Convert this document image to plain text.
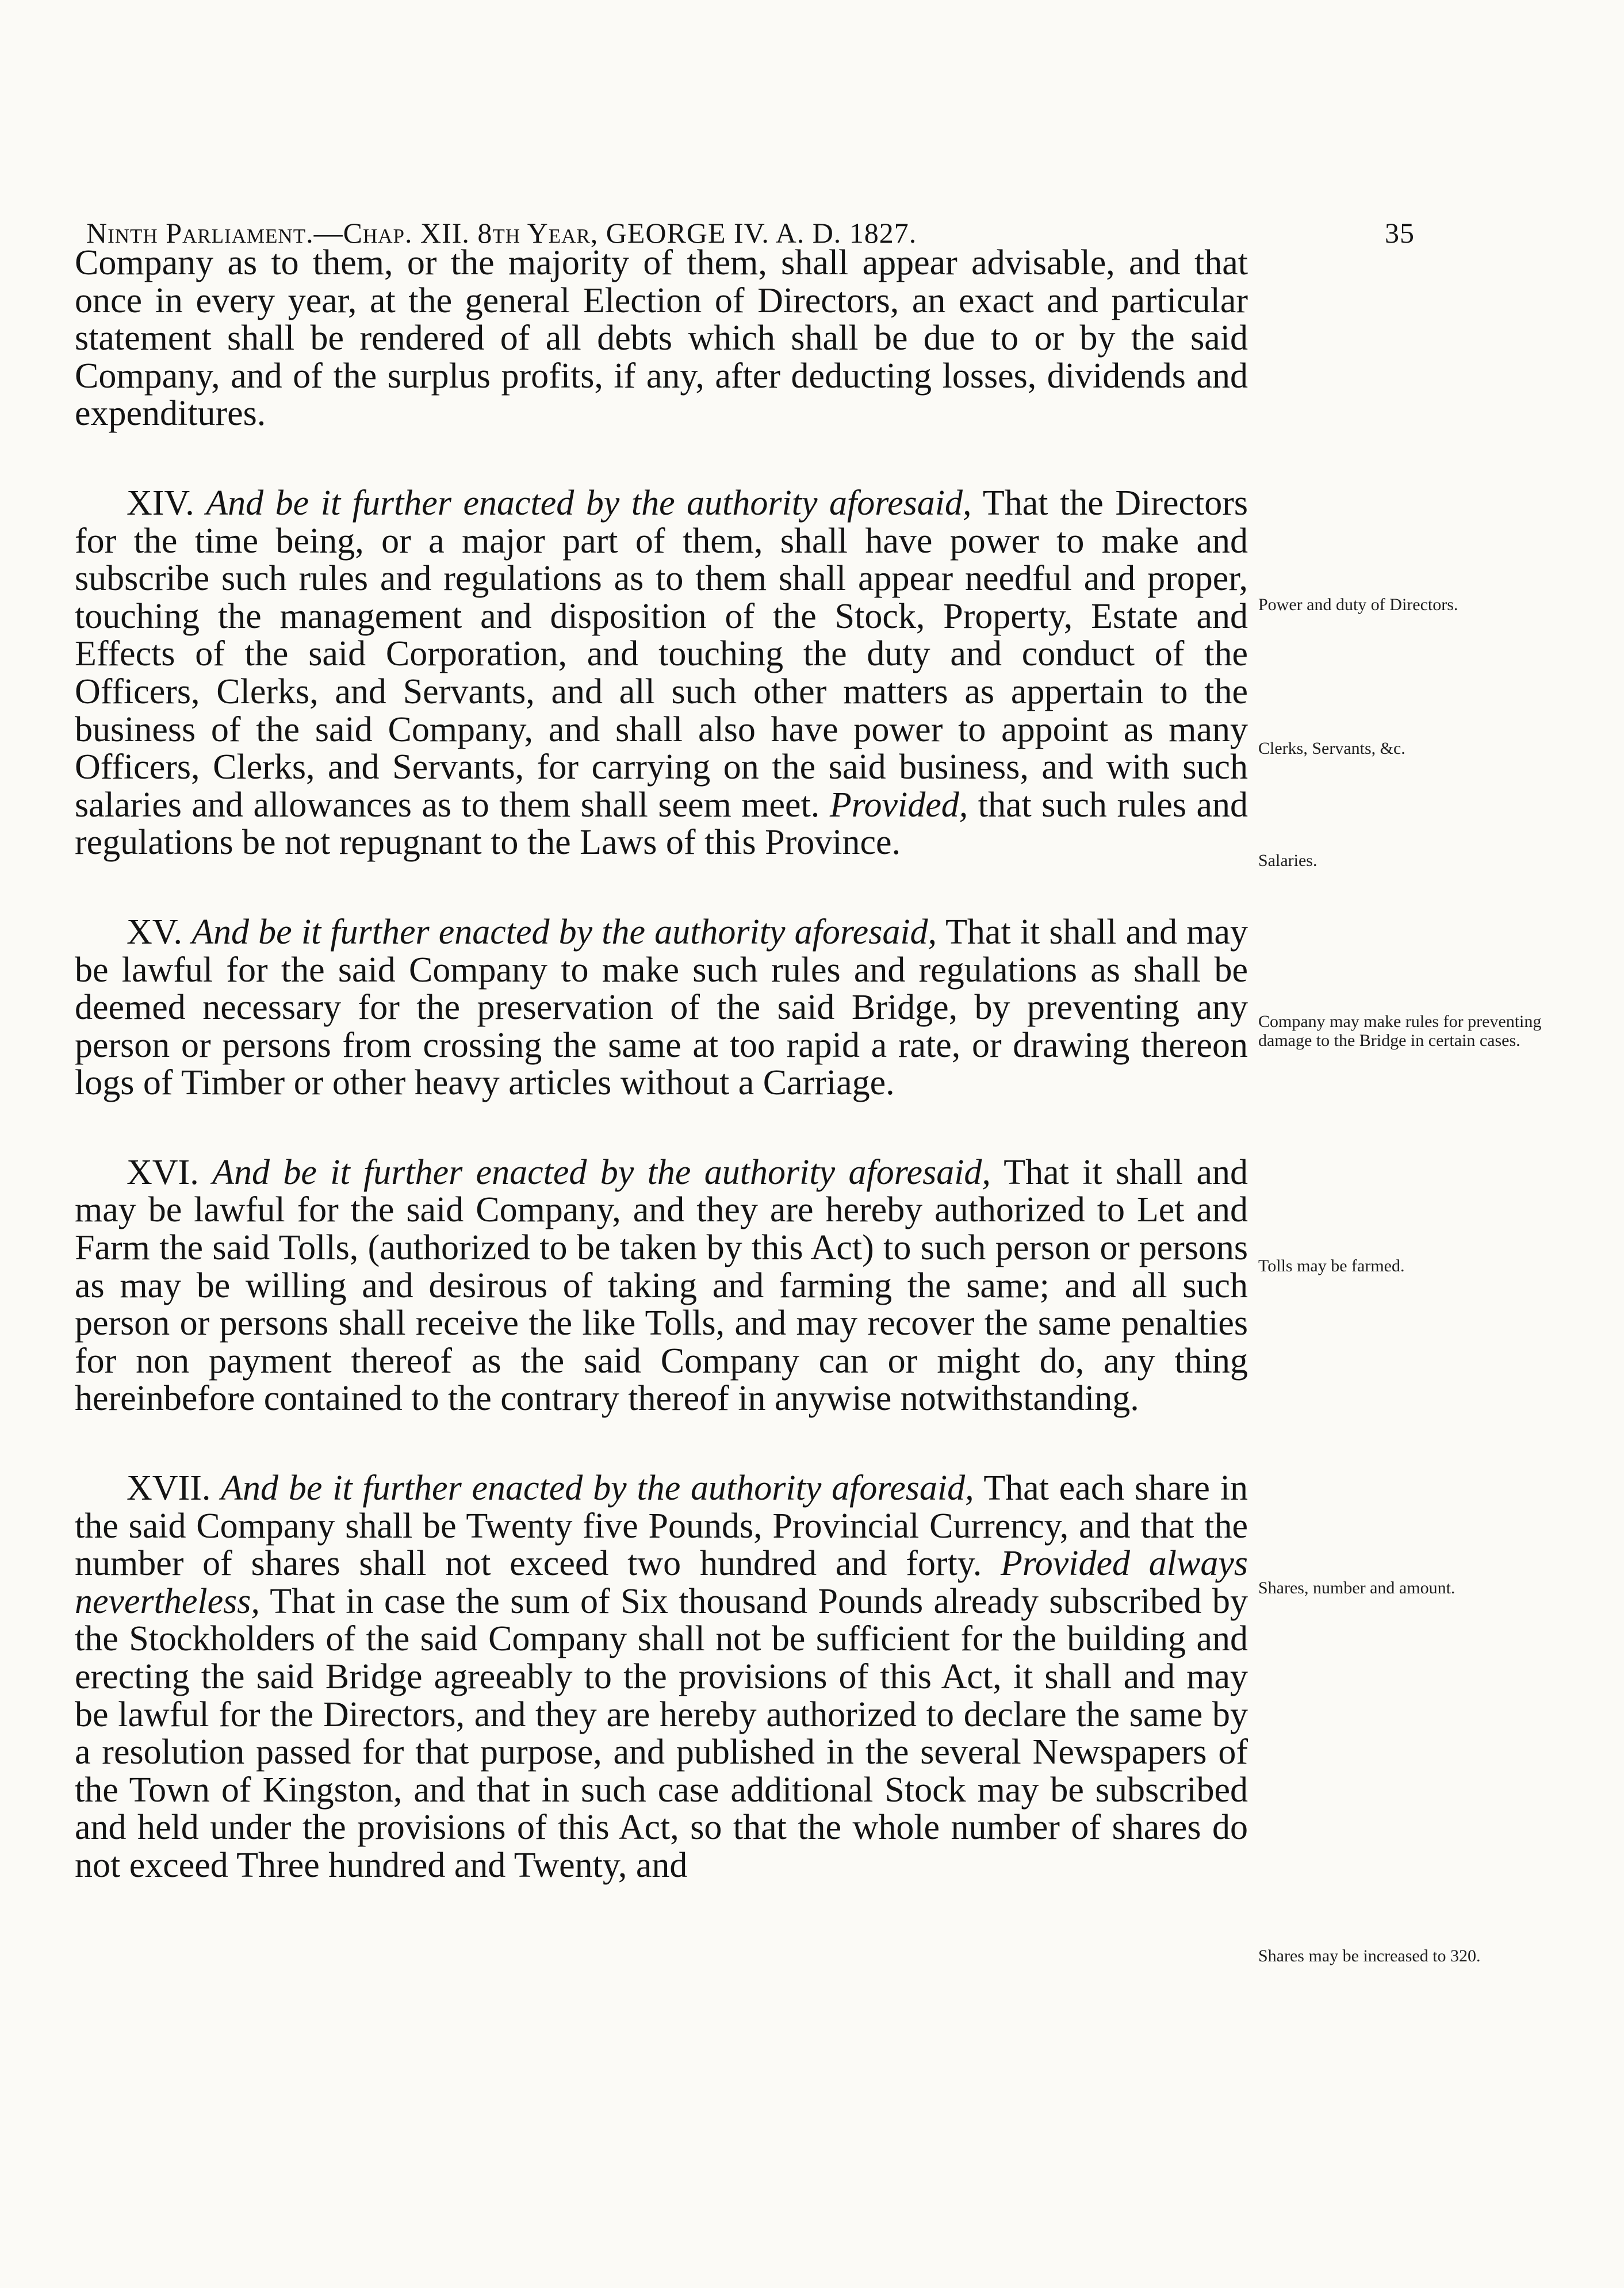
Ninth Parliament.—Chap. XII. 8th Year, GEORGE IV. A. D. 1827.	35

Company as to them, or the majority of them, shall appear advisable, and that once in every year, at the general Election of Directors, an exact and particular statement shall be rendered of all debts which shall be due to or by the said Company, and of the surplus profits, if any, after deducting losses, dividends and expenditures.

XIV. And be it further enacted by the authority aforesaid, That the Directors for the time being, or a major part of them, shall have power to make and subscribe such rules and regulations as to them shall appear needful and proper, touching the management and disposition of the Stock, Property, Estate and Effects of the said Corporation, and touching the duty and conduct of the Officers, Clerks, and Servants, and all such other matters as appertain to the business of the said Company, and shall also have power to appoint as many Officers, Clerks, and Servants, for carrying on the said business, and with such salaries and allowances as to them shall seem meet. Provided, that such rules and regulations be not repugnant to the Laws of this Province.

XV. And be it further enacted by the authority aforesaid, That it shall and may be lawful for the said Company to make such rules and regulations as shall be deemed necessary for the preservation of the said Bridge, by preventing any person or persons from crossing the same at too rapid a rate, or drawing thereon logs of Timber or other heavy articles without a Carriage.

XVI. And be it further enacted by the authority aforesaid, That it shall and may be lawful for the said Company, and they are hereby authorized to Let and Farm the said Tolls, (authorized to be taken by this Act) to such person or persons as may be willing and desirous of taking and farming the same; and all such person or persons shall receive the like Tolls, and may recover the same penalties for non payment thereof as the said Company can or might do, any thing hereinbefore contained to the contrary thereof in anywise notwithstanding.

XVII. And be it further enacted by the authority aforesaid, That each share in the said Company shall be Twenty five Pounds, Provincial Currency, and that the number of shares shall not exceed two hundred and forty. Provided always nevertheless, That in case the sum of Six thousand Pounds already subscribed by the Stockholders of the said Company shall not be sufficient for the building and erecting the said Bridge agreeably to the provisions of this Act, it shall and may be lawful for the Directors, and they are hereby authorized to declare the same by a resolution passed for that purpose, and published in the several Newspapers of the Town of Kingston, and that in such case additional Stock may be subscribed and held under the provisions of this Act, so that the whole number of shares do not exceed Three hundred and Twenty, and

Power and duty of Directors.
Clerks, Servants, &c.
Salaries.
Company may make rules for preventing damage to the Bridge in certain cases.
Tolls may be farmed.
Shares, number and amount.
Shares may be increased to 320.
